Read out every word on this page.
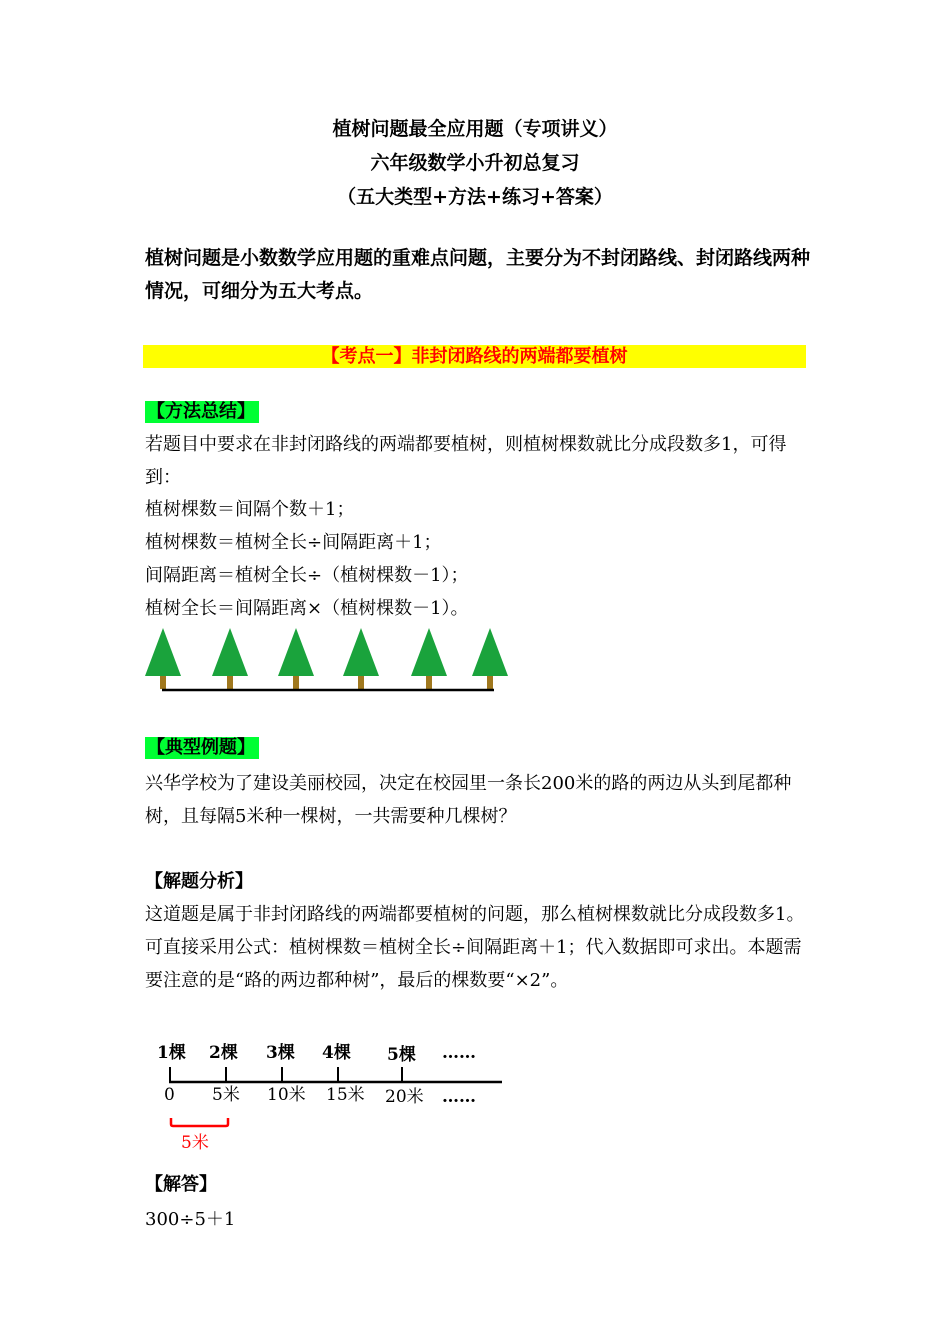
植树问题最全应用题（专项讲义）
六年级数学小升初总复习
（五大类型+方法+练习+答案）
植树问题是小数数学应用题的重难点问题，主要分为不封闭路线、封闭路线两种情况，可细分为五大考点。
【考点一】非封闭路线的两端都要植树
【方法总结】
若题目中要求在非封闭路线的两端都要植树，则植树棵数就比分成段数多1，可得到：
植树棵数＝间隔个数＋1；
植树棵数＝植树全长÷间隔距离＋1；
间隔距离＝植树全长÷（植树棵数－1）；
植树全长＝间隔距离×（植树棵数－1）。
【典型例题】
兴华学校为了建设美丽校园，决定在校园里一条长200米的路的两边从头到尾都种树，且每隔5米种一棵树，一共需要种几棵树？
【解题分析】
这道题是属于非封闭路线的两端都要植树的问题，那么植树棵数就比分成段数多1。可直接采用公式：植树棵数＝植树全长÷间隔距离＋1；代入数据即可求出。本题需要注意的是“路的两边都种树”，最后的棵数要“×2”。
1棵 2棵 3棵 4棵 5棵 ……
0 5米 10米 15米 20米 ……
5米
【解答】
300÷5＋1
